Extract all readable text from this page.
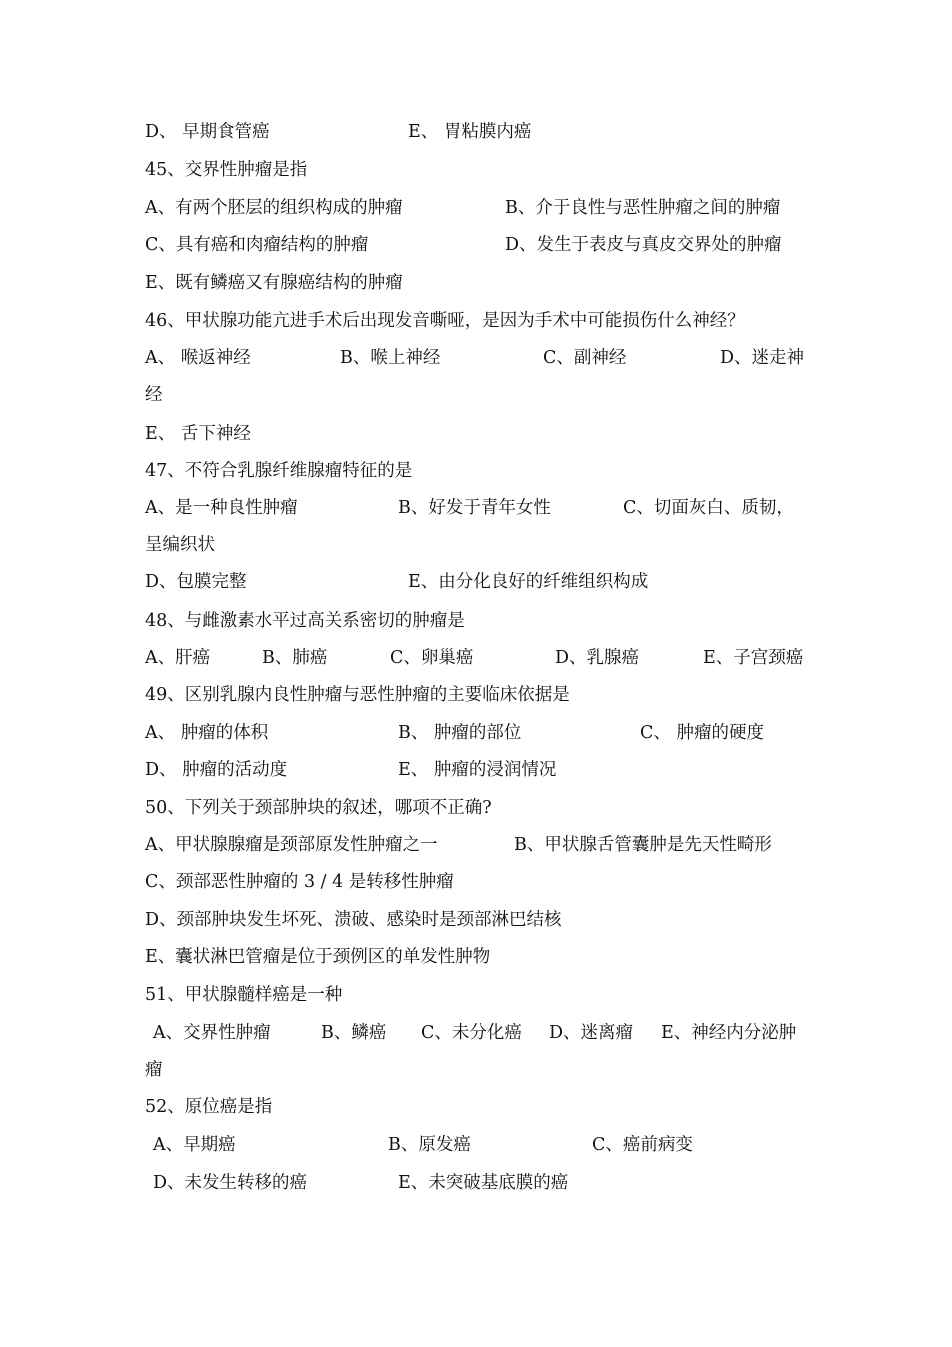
D、 早期食管癌	E、 胃粘膜内癌
45、交界性肿瘤是指
A、有两个胚层的组织构成的肿瘤	B、介于良性与恶性肿瘤之间的肿瘤
C、具有癌和肉瘤结构的肿瘤	D、发生于表皮与真皮交界处的肿瘤
E、既有鳞癌又有腺癌结构的肿瘤
46、甲状腺功能亢进手术后出现发音嘶哑，是因为手术中可能损伤什么神经？
A、 喉返神经	B、喉上神经	C、副神经	D、迷走神
经
E、 舌下神经
47、不符合乳腺纤维腺瘤特征的是
A、是一种良性肿瘤	B、好发于青年女性	C、切面灰白、质韧，
呈编织状
D、包膜完整	E、由分化良好的纤维组织构成
48、与雌激素水平过高关系密切的肿瘤是
A、肝癌	B、肺癌	C、卵巢癌	D、乳腺癌	E、子宫颈癌
49、区别乳腺内良性肿瘤与恶性肿瘤的主要临床依据是
A、 肿瘤的体积	B、 肿瘤的部位	C、 肿瘤的硬度
D、 肿瘤的活动度	E、 肿瘤的浸润情况
50、下列关于颈部肿块的叙述，哪项不正确?
A、甲状腺腺瘤是颈部原发性肿瘤之一	B、甲状腺舌管囊肿是先天性畸形
C、颈部恶性肿瘤的 3 / 4 是转移性肿瘤
D、颈部肿块发生坏死、溃破、感染时是颈部淋巴结核
E、囊状淋巴管瘤是位于颈例区的单发性肿物
51、甲状腺髓样癌是一种
A、交界性肿瘤	B、鳞癌 C、未分化癌 D、迷离瘤 E、神经内分泌肿
瘤
52、原位癌是指
A、早期癌	B、原发癌	C、癌前病变
D、未发生转移的癌	E、未突破基底膜的癌
